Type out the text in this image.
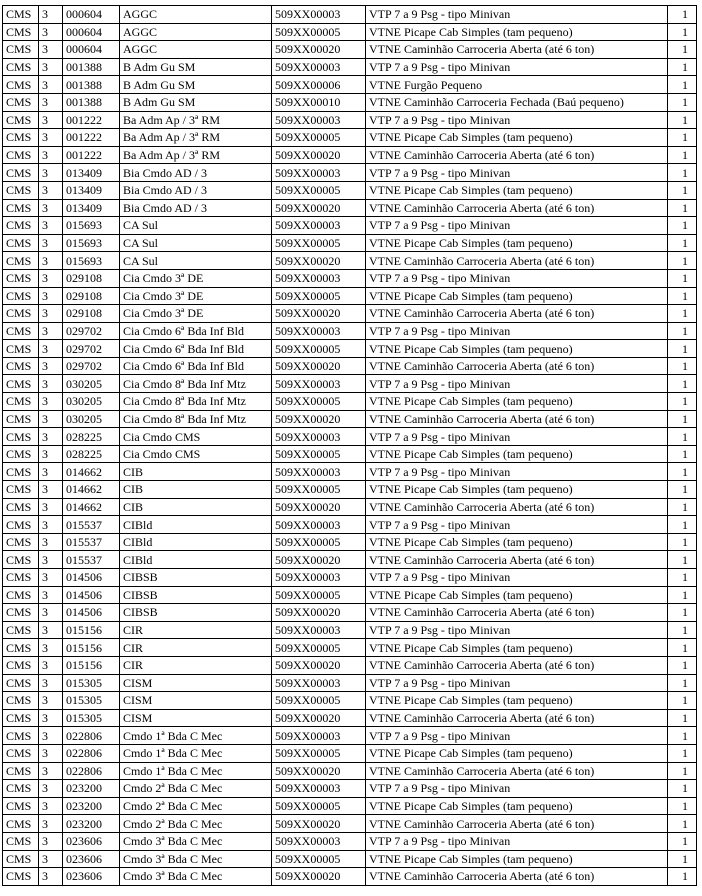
CMS	3	000604	AGGC	509XX00003	VTP 7 a 9 Psg - tipo Minivan	1
CMS	3	000604	AGGC	509XX00005	VTNE Picape Cab Simples (tam pequeno)	1
CMS	3	000604	AGGC	509XX00020	VTNE Caminhão Carroceria Aberta (até 6 ton)	1
CMS	3	001388	B Adm Gu SM	509XX00003	VTP 7 a 9 Psg - tipo Minivan	1
CMS	3	001388	B Adm Gu SM	509XX00006	VTNE Furgão Pequeno	1
CMS	3	001388	B Adm Gu SM	509XX00010	VTNE Caminhão Carroceria Fechada (Baú pequeno)	1
CMS	3	001222	Ba Adm Ap / 3ª RM	509XX00003	VTP 7 a 9 Psg - tipo Minivan	1
CMS	3	001222	Ba Adm Ap / 3ª RM	509XX00005	VTNE Picape Cab Simples (tam pequeno)	1
CMS	3	001222	Ba Adm Ap / 3ª RM	509XX00020	VTNE Caminhão Carroceria Aberta (até 6 ton)	1
CMS	3	013409	Bia Cmdo AD / 3	509XX00003	VTP 7 a 9 Psg - tipo Minivan	1
CMS	3	013409	Bia Cmdo AD / 3	509XX00005	VTNE Picape Cab Simples (tam pequeno)	1
CMS	3	013409	Bia Cmdo AD / 3	509XX00020	VTNE Caminhão Carroceria Aberta (até 6 ton)	1
CMS	3	015693	CA Sul	509XX00003	VTP 7 a 9 Psg - tipo Minivan	1
CMS	3	015693	CA Sul	509XX00005	VTNE Picape Cab Simples (tam pequeno)	1
CMS	3	015693	CA Sul	509XX00020	VTNE Caminhão Carroceria Aberta (até 6 ton)	1
CMS	3	029108	Cia Cmdo 3ª DE	509XX00003	VTP 7 a 9 Psg - tipo Minivan	1
CMS	3	029108	Cia Cmdo 3ª DE	509XX00005	VTNE Picape Cab Simples (tam pequeno)	1
CMS	3	029108	Cia Cmdo 3ª DE	509XX00020	VTNE Caminhão Carroceria Aberta (até 6 ton)	1
CMS	3	029702	Cia Cmdo 6ª Bda Inf Bld	509XX00003	VTP 7 a 9 Psg - tipo Minivan	1
CMS	3	029702	Cia Cmdo 6ª Bda Inf Bld	509XX00005	VTNE Picape Cab Simples (tam pequeno)	1
CMS	3	029702	Cia Cmdo 6ª Bda Inf Bld	509XX00020	VTNE Caminhão Carroceria Aberta (até 6 ton)	1
CMS	3	030205	Cia Cmdo 8ª Bda Inf Mtz	509XX00003	VTP 7 a 9 Psg - tipo Minivan	1
CMS	3	030205	Cia Cmdo 8ª Bda Inf Mtz	509XX00005	VTNE Picape Cab Simples (tam pequeno)	1
CMS	3	030205	Cia Cmdo 8ª Bda Inf Mtz	509XX00020	VTNE Caminhão Carroceria Aberta (até 6 ton)	1
CMS	3	028225	Cia Cmdo CMS	509XX00003	VTP 7 a 9 Psg - tipo Minivan	1
CMS	3	028225	Cia Cmdo CMS	509XX00005	VTNE Picape Cab Simples (tam pequeno)	1
CMS	3	014662	CIB	509XX00003	VTP 7 a 9 Psg - tipo Minivan	1
CMS	3	014662	CIB	509XX00005	VTNE Picape Cab Simples (tam pequeno)	1
CMS	3	014662	CIB	509XX00020	VTNE Caminhão Carroceria Aberta (até 6 ton)	1
CMS	3	015537	CIBld	509XX00003	VTP 7 a 9 Psg - tipo Minivan	1
CMS	3	015537	CIBld	509XX00005	VTNE Picape Cab Simples (tam pequeno)	1
CMS	3	015537	CIBld	509XX00020	VTNE Caminhão Carroceria Aberta (até 6 ton)	1
CMS	3	014506	CIBSB	509XX00003	VTP 7 a 9 Psg - tipo Minivan	1
CMS	3	014506	CIBSB	509XX00005	VTNE Picape Cab Simples (tam pequeno)	1
CMS	3	014506	CIBSB	509XX00020	VTNE Caminhão Carroceria Aberta (até 6 ton)	1
CMS	3	015156	CIR	509XX00003	VTP 7 a 9 Psg - tipo Minivan	1
CMS	3	015156	CIR	509XX00005	VTNE Picape Cab Simples (tam pequeno)	1
CMS	3	015156	CIR	509XX00020	VTNE Caminhão Carroceria Aberta (até 6 ton)	1
CMS	3	015305	CISM	509XX00003	VTP 7 a 9 Psg - tipo Minivan	1
CMS	3	015305	CISM	509XX00005	VTNE Picape Cab Simples (tam pequeno)	1
CMS	3	015305	CISM	509XX00020	VTNE Caminhão Carroceria Aberta (até 6 ton)	1
CMS	3	022806	Cmdo 1ª Bda C Mec	509XX00003	VTP 7 a 9 Psg - tipo Minivan	1
CMS	3	022806	Cmdo 1ª Bda C Mec	509XX00005	VTNE Picape Cab Simples (tam pequeno)	1
CMS	3	022806	Cmdo 1ª Bda C Mec	509XX00020	VTNE Caminhão Carroceria Aberta (até 6 ton)	1
CMS	3	023200	Cmdo 2ª Bda C Mec	509XX00003	VTP 7 a 9 Psg - tipo Minivan	1
CMS	3	023200	Cmdo 2ª Bda C Mec	509XX00005	VTNE Picape Cab Simples (tam pequeno)	1
CMS	3	023200	Cmdo 2ª Bda C Mec	509XX00020	VTNE Caminhão Carroceria Aberta (até 6 ton)	1
CMS	3	023606	Cmdo 3ª Bda C Mec	509XX00003	VTP 7 a 9 Psg - tipo Minivan	1
CMS	3	023606	Cmdo 3ª Bda C Mec	509XX00005	VTNE Picape Cab Simples (tam pequeno)	1
CMS	3	023606	Cmdo 3ª Bda C Mec	509XX00020	VTNE Caminhão Carroceria Aberta (até 6 ton)	1
